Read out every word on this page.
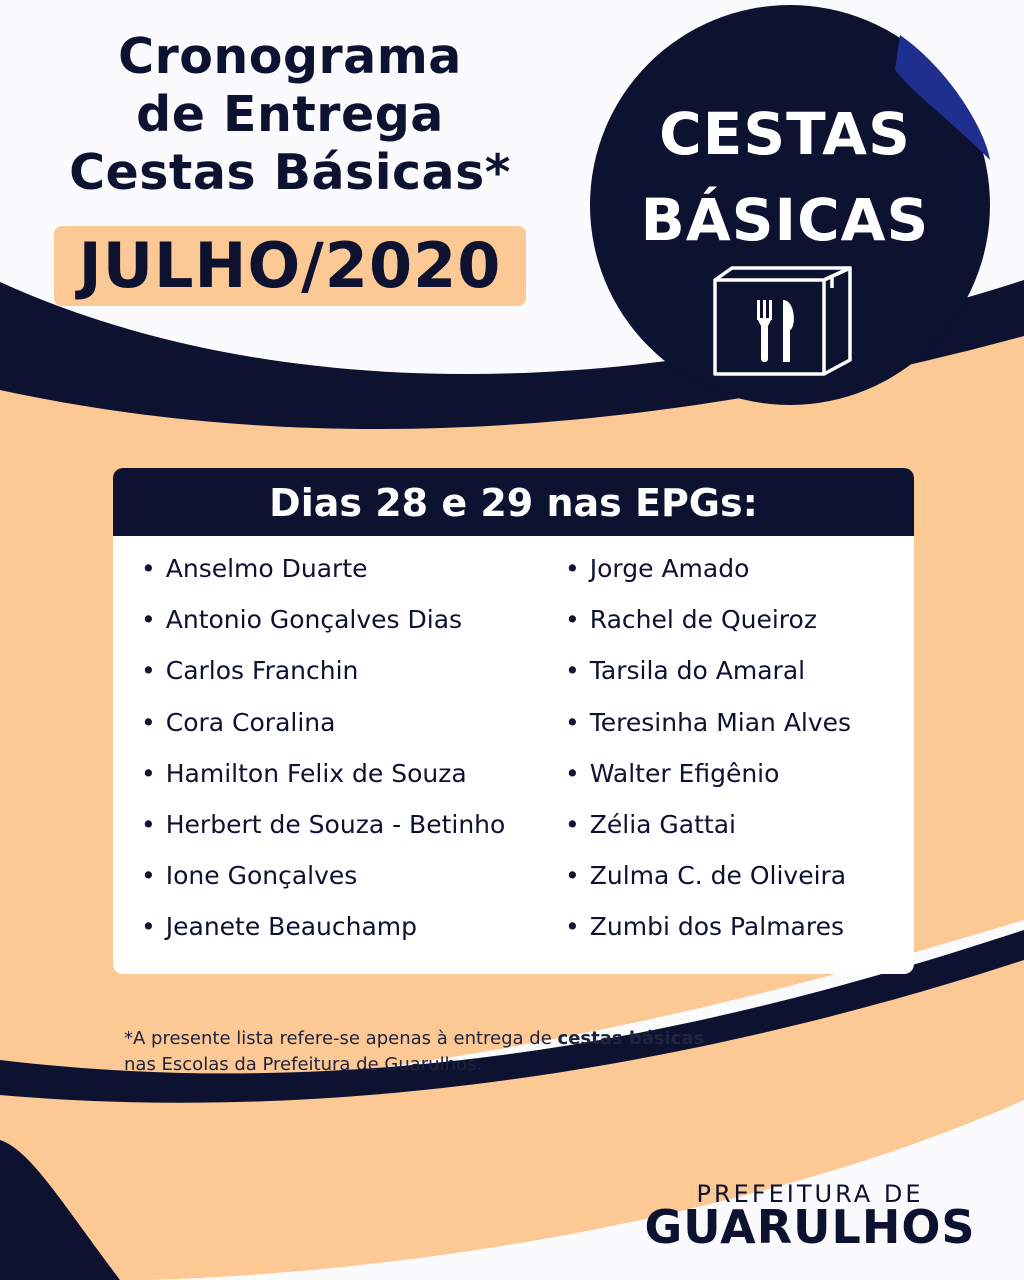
Cronograma
de Entrega
Cestas Básicas*
JULHO/2020
CESTAS
BÁSICAS
Dias 28 e 29 nas EPGs:
• Anselmo Duarte
• Antonio Gonçalves Dias
• Carlos Franchin
• Cora Coralina
• Hamilton Felix de Souza
• Herbert de Souza - Betinho
• Ione Gonçalves
• Jeanete Beauchamp
• Jorge Amado
• Rachel de Queiroz
• Tarsila do Amaral
• Teresinha Mian Alves
• Walter Efigênio
• Zélia Gattai
• Zulma C. de Oliveira
• Zumbi dos Palmares
*A presente lista refere-se apenas à entrega de cestas básicas
nas Escolas da Prefeitura de Guarulhos.
PREFEITURA DE
GUARULHOS
